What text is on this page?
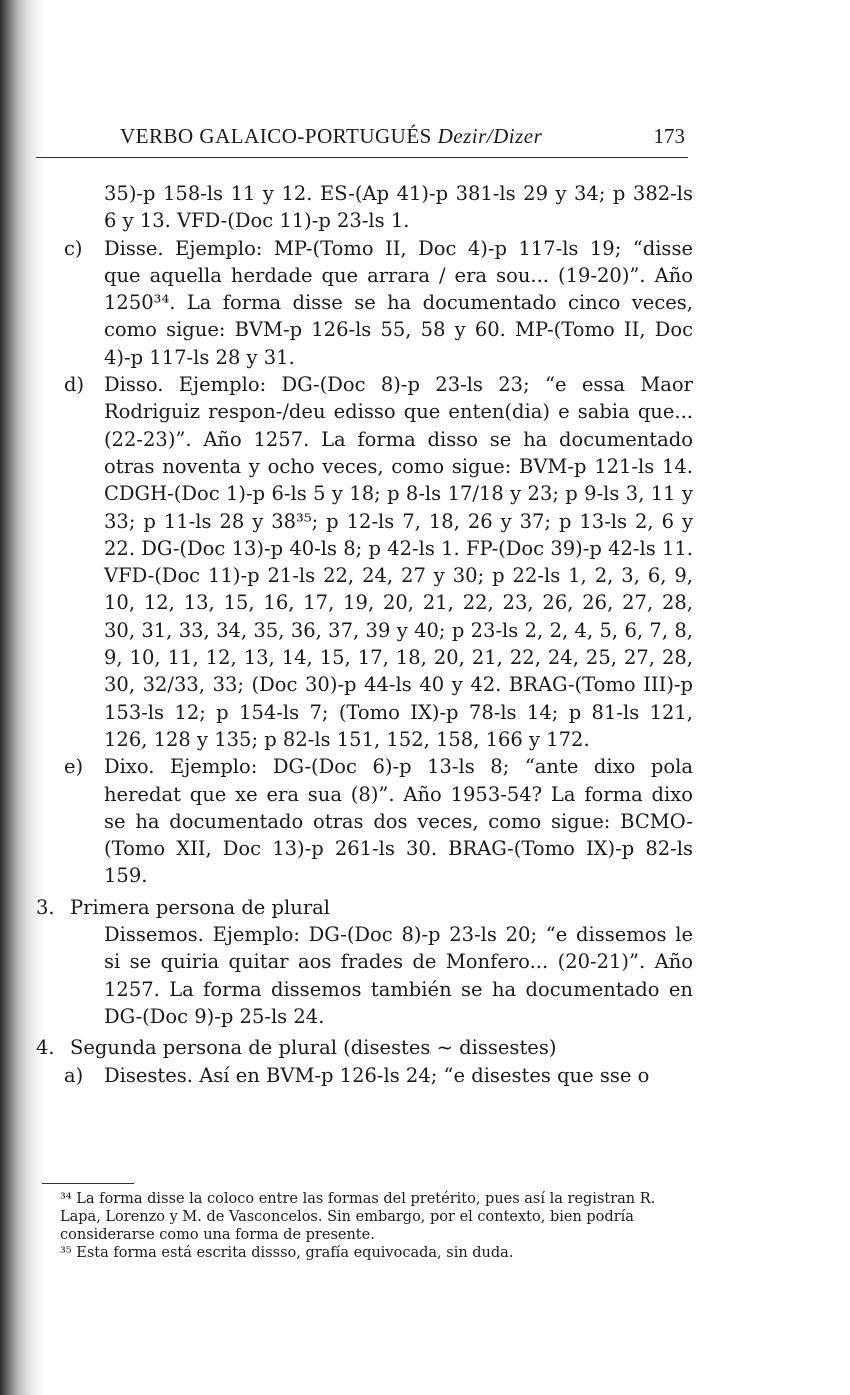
VERBO GALAICO-PORTUGUÉS Dezir/Dizer	173

35)-p 158-ls 11 y 12. ES-(Ap 41)-p 381-ls 29 y 34; p 382-ls 6 y 13. VFD-(Doc 11)-p 23-ls 1.

c) Disse. Ejemplo: MP-(Tomo II, Doc 4)-p 117-ls 19; “disse que aquella herdade que arrara / era sou... (19-20)”. Año 1250³⁴. La forma disse se ha documentado cinco veces, como sigue: BVM-p 126-ls 55, 58 y 60. MP-(Tomo II, Doc 4)-p 117-ls 28 y 31.

d) Disso. Ejemplo: DG-(Doc 8)-p 23-ls 23; “e essa Maor Rodriguiz respon-/deu edisso que enten(dia) e sabia que... (22-23)”. Año 1257. La forma disso se ha documentado otras noventa y ocho veces, como sigue: BVM-p 121-ls 14. CDGH-(Doc 1)-p 6-ls 5 y 18; p 8-ls 17/18 y 23; p 9-ls 3, 11 y 33; p 11-ls 28 y 38³⁵; p 12-ls 7, 18, 26 y 37; p 13-ls 2, 6 y 22. DG-(Doc 13)-p 40-ls 8; p 42-ls 1. FP-(Doc 39)-p 42-ls 11. VFD-(Doc 11)-p 21-ls 22, 24, 27 y 30; p 22-ls 1, 2, 3, 6, 9, 10, 12, 13, 15, 16, 17, 19, 20, 21, 22, 23, 26, 26, 27, 28, 30, 31, 33, 34, 35, 36, 37, 39 y 40; p 23-ls 2, 2, 4, 5, 6, 7, 8, 9, 10, 11, 12, 13, 14, 15, 17, 18, 20, 21, 22, 24, 25, 27, 28, 30, 32/33, 33; (Doc 30)-p 44-ls 40 y 42. BRAG-(Tomo III)-p 153-ls 12; p 154-ls 7; (Tomo IX)-p 78-ls 14; p 81-ls 121, 126, 128 y 135; p 82-ls 151, 152, 158, 166 y 172.

e) Dixo. Ejemplo: DG-(Doc 6)-p 13-ls 8; “ante dixo pola heredat que xe era sua (8)”. Año 1953-54? La forma dixo se ha documentado otras dos veces, como sigue: BCMO-(Tomo XII, Doc 13)-p 261-ls 30. BRAG-(Tomo IX)-p 82-ls 159.

3. Primera persona de plural

Dissemos. Ejemplo: DG-(Doc 8)-p 23-ls 20; “e dissemos le si se quiria quitar aos frades de Monfero... (20-21)”. Año 1257. La forma dissemos también se ha documentado en DG-(Doc 9)-p 25-ls 24.

4. Segunda persona de plural (disestes ~ dissestes)

a) Disestes. Así en BVM-p 126-ls 24; “e disestes que sse o

³⁴ La forma disse la coloco entre las formas del pretérito, pues así la registran R. Lapa, Lorenzo y M. de Vasconcelos. Sin embargo, por el contexto, bien podría considerarse como una forma de presente.

³⁵ Esta forma está escrita dissso, grafía equivocada, sin duda.
